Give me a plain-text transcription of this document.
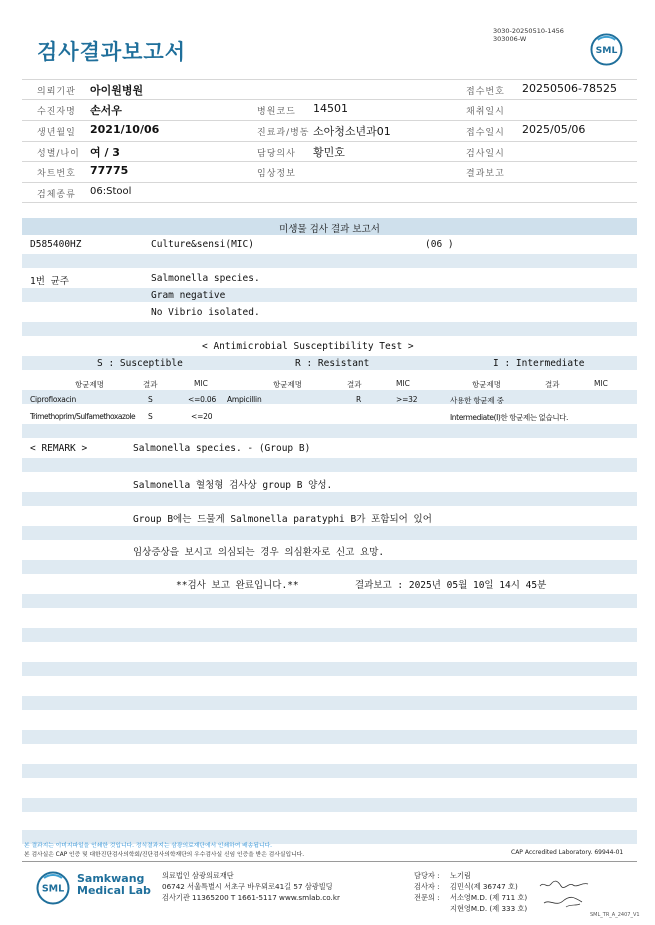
검사결과보고서
3030-20250510-1456
303006-W
SML
의뢰기관 아이원병원	접수번호 20250506-78525
수진자명 손서우	병원코드 14501	채취일시
생년월일 2021/10/06	진료과/병동 소아청소년과01	접수일시 2025/05/06
성별/나이 여 / 3	담당의사 황민호	검사일시
차트번호 77775	임상정보	결과보고
검체종류 06:Stool
미생물 검사 결과 보고서
D585400HZ	Culture&sensi(MIC)	(06 )
1번 균주	Salmonella species.
Gram negative
No Vibrio isolated.
< Antimicrobial Susceptibility Test >
S : Susceptible	R : Resistant	I : Intermediate
항균제명	결과	MIC	항균제명	결과	MIC	항균제명	결과	MIC
Ciprofloxacin	S	<=0.06 Ampicillin	R	>=32	사용한 항균제 중
Trimethoprim/Sulfamethoxazole S	<=20	Intermediate(I)한 항균제는 없습니다.
< REMARK >	Salmonella species. - (Group B)
Salmonella 혈청형 검사상 group B 양성.
Group B에는 드물게 Salmonella paratyphi B가 포함되어 있어
임상증상을 보시고 의심되는 경우 의심환자로 신고 요망.
**검사 보고 완료입니다.**	결과보고 : 2025년 05월 10일 14시 45분
본 결과지는 이미지파일을 인쇄한 것입니다. 정식결과지는 삼광의료재단에서 인쇄하여 배송됩니다.
본 검사실은 CAP 인증 및 대한진단검사의학회/진단검사의학재단의 우수검사실 신임 인증을 받은 검사실입니다.	CAP Accredited Laboratory. 69944-01
SML
Samkwang
Medical Lab
의료법인 삼광의료재단
06742 서울특별시 서초구 바우뫼로41길 57 삼광빌딩
검사기관 11365200 T 1661-5117 www.smlab.co.kr
담당자 : 노기림
검사자 : 김민식(제 36747 호)
전문의 : 서소영M.D. (제 711 호)
지현영M.D. (제 333 호)
SML_TR_A_2407_V1
